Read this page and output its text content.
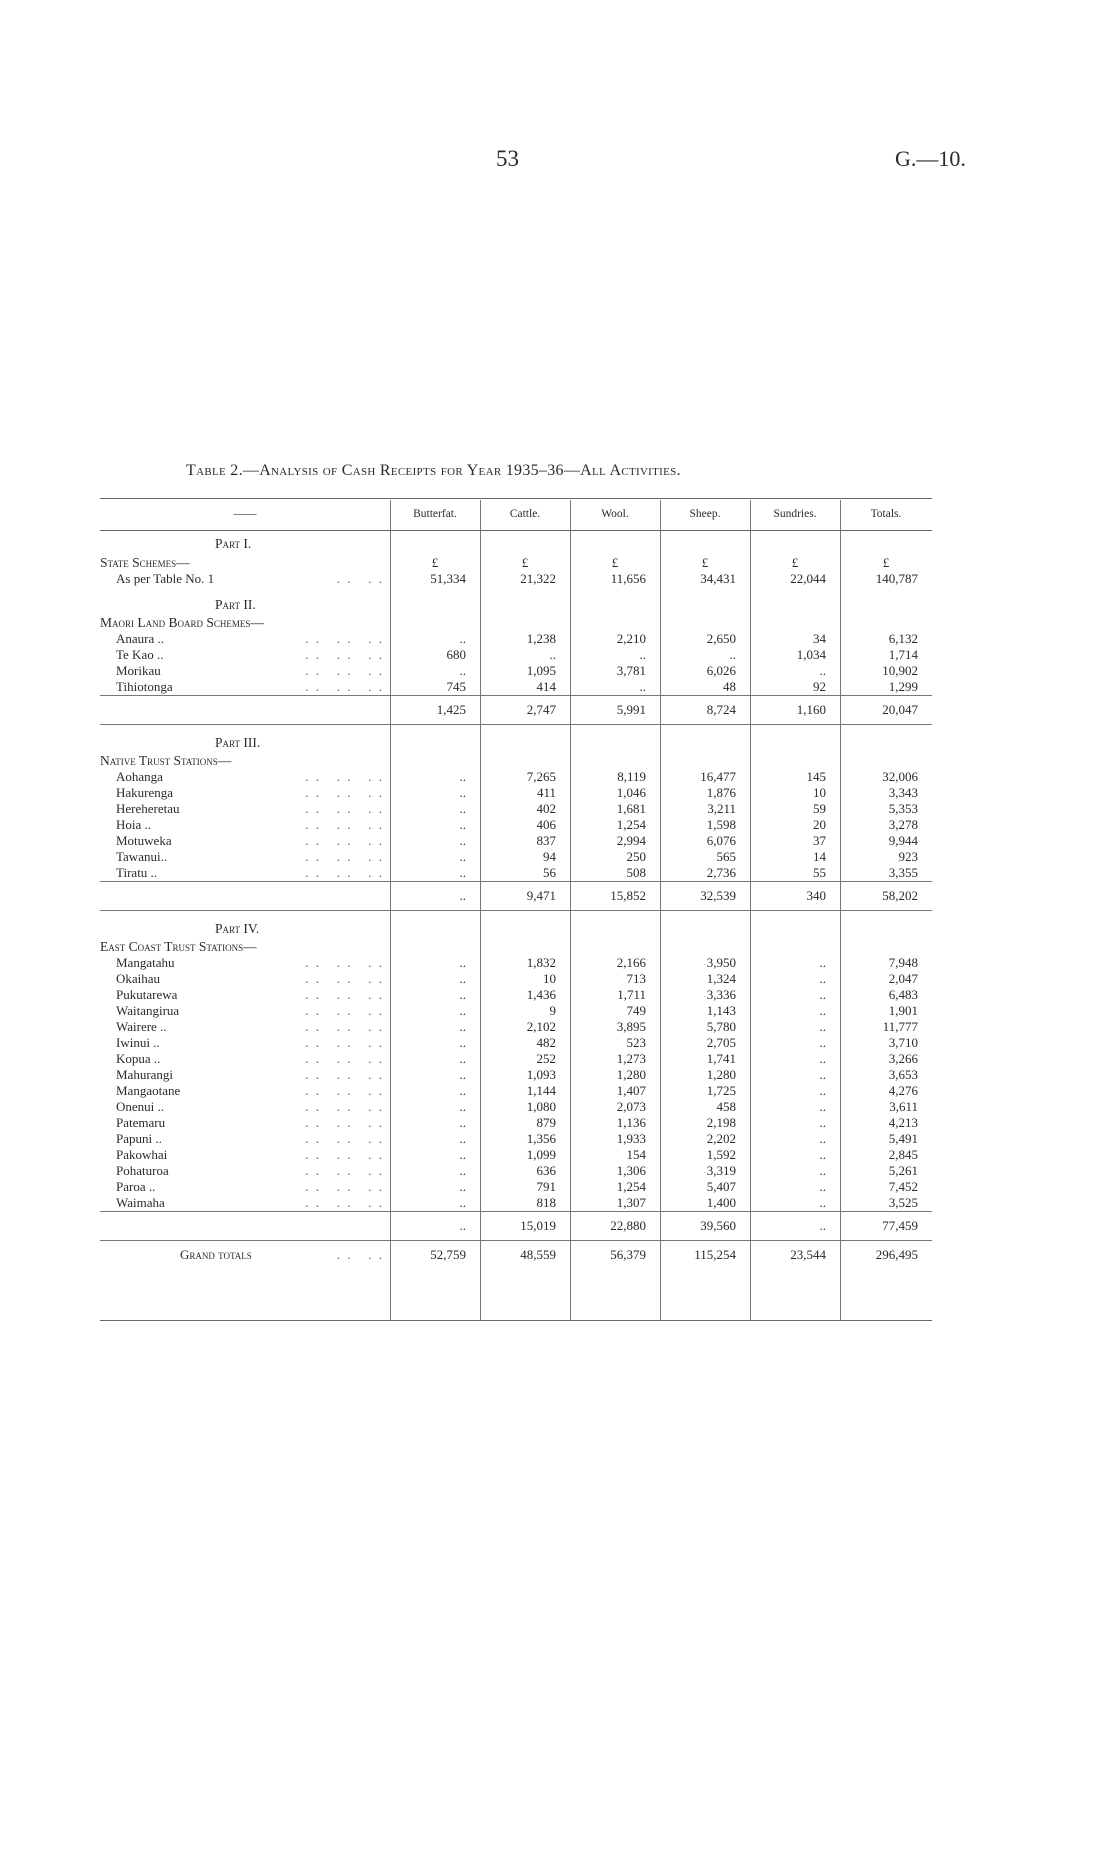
53	G.—10.
Table 2.—Analysis of Cash Receipts for Year 1935–36—All Activities.
——	Butterfat.	Cattle.	Wool.	Sheep.	Sundries.	Totals.
Part I.						
State Schemes—	£	£	£	£	£	£
As per Table No. 1 . . . .	51,334	21,322	11,656	34,431	22,044	140,787
Part II.						
Maori Land Board Schemes—						
Anaura .. . . . . . .	..	1,238	2,210	2,650	34	6,132
Te Kao .. . . . . . .	680	..	..	..	1,034	1,714
Morikau . . . . . .	..	1,095	3,781	6,026	..	10,902
Tihiotonga . . . . . .	745	414	..	48	92	1,299
	1,425	2,747	5,991	8,724	1,160	20,047
Part III.						
Native Trust Stations—						
Aohanga . . . . . .	..	7,265	8,119	16,477	145	32,006
Hakurenga . . . . . .	..	411	1,046	1,876	10	3,343
Hereheretau . . . . . .	..	402	1,681	3,211	59	5,353
Hoia .. . . . . . .	..	406	1,254	1,598	20	3,278
Motuweka . . . . . .	..	837	2,994	6,076	37	9,944
Tawanui.. . . . . . .	..	94	250	565	14	923
Tiratu .. . . . . . .	..	56	508	2,736	55	3,355
	..	9,471	15,852	32,539	340	58,202
Part IV.						
East Coast Trust Stations—						
Mangatahu . . . . . .	..	1,832	2,166	3,950	..	7,948
Okaihau . . . . . .	..	10	713	1,324	..	2,047
Pukutarewa . . . . . .	..	1,436	1,711	3,336	..	6,483
Waitangirua . . . . . .	..	9	749	1,143	..	1,901
Wairere .. . . . . . .	..	2,102	3,895	5,780	..	11,777
Iwinui .. . . . . . .	..	482	523	2,705	..	3,710
Kopua .. . . . . . .	..	252	1,273	1,741	..	3,266
Mahurangi . . . . . .	..	1,093	1,280	1,280	..	3,653
Mangaotane . . . . . .	..	1,144	1,407	1,725	..	4,276
Onenui .. . . . . . .	..	1,080	2,073	458	..	3,611
Patemaru . . . . . .	..	879	1,136	2,198	..	4,213
Papuni .. . . . . . .	..	1,356	1,933	2,202	..	5,491
Pakowhai . . . . . .	..	1,099	154	1,592	..	2,845
Pohaturoa . . . . . .	..	636	1,306	3,319	..	5,261
Paroa .. . . . . . .	..	791	1,254	5,407	..	7,452
Waimaha . . . . . .	..	818	1,307	1,400	..	3,525
	..	15,019	22,880	39,560	..	77,459
Grand totals . . . .	52,759	48,559	56,379	115,254	23,544	296,495
